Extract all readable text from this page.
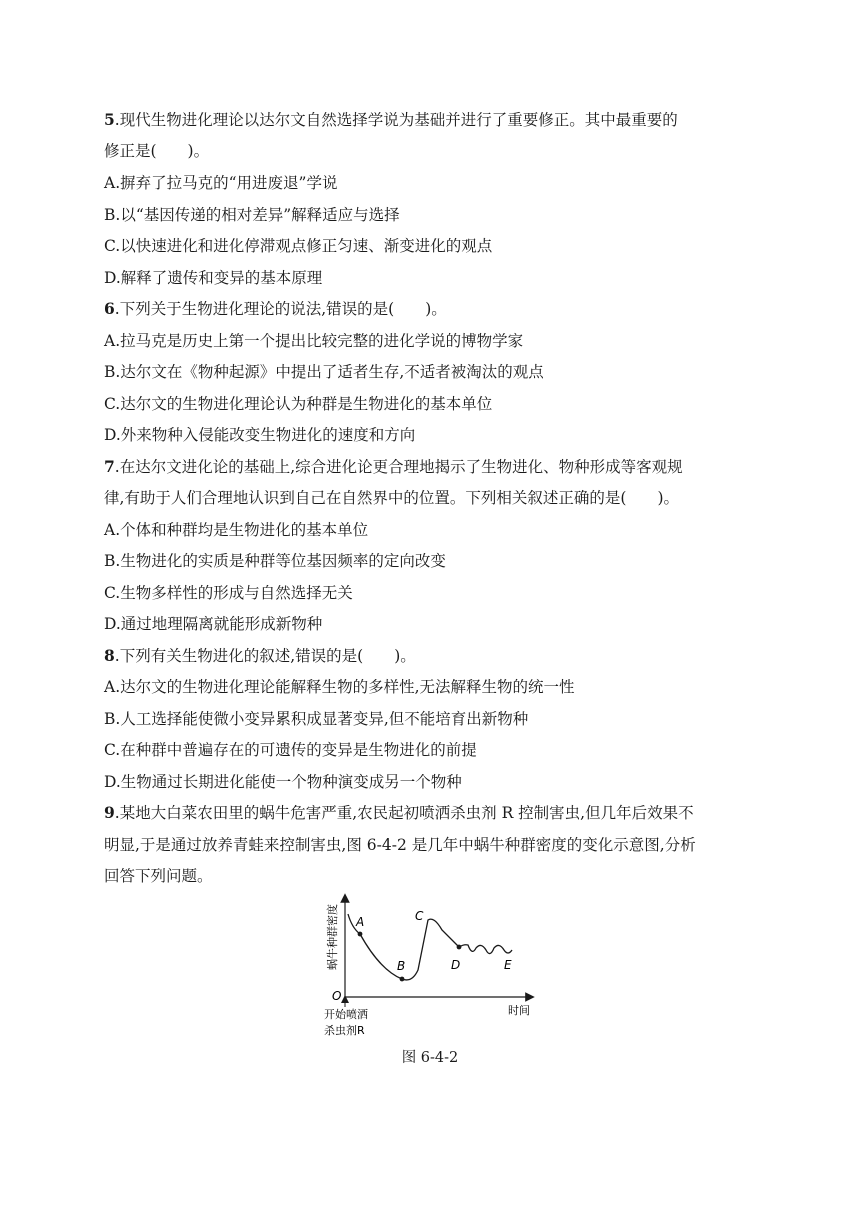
5.现代生物进化理论以达尔文自然选择学说为基础并进行了重要修正。其中最重要的
修正是(　　)。
A.摒弃了拉马克的“用进废退”学说
B.以“基因传递的相对差异”解释适应与选择
C.以快速进化和进化停滞观点修正匀速、渐变进化的观点
D.解释了遗传和变异的基本原理
6.下列关于生物进化理论的说法,错误的是(　　)。
A.拉马克是历史上第一个提出比较完整的进化学说的博物学家
B.达尔文在《物种起源》中提出了适者生存,不适者被淘汰的观点
C.达尔文的生物进化理论认为种群是生物进化的基本单位
D.外来物种入侵能改变生物进化的速度和方向
7.在达尔文进化论的基础上,综合进化论更合理地揭示了生物进化、物种形成等客观规
律,有助于人们合理地认识到自己在自然界中的位置。下列相关叙述正确的是(　　)。
A.个体和种群均是生物进化的基本单位
B.生物进化的实质是种群等位基因频率的定向改变
C.生物多样性的形成与自然选择无关
D.通过地理隔离就能形成新物种
8.下列有关生物进化的叙述,错误的是(　　)。
A.达尔文的生物进化理论能解释生物的多样性,无法解释生物的统一性
B.人工选择能使微小变异累积成显著变异,但不能培育出新物种
C.在种群中普遍存在的可遗传的变异是生物进化的前提
D.生物通过长期进化能使一个物种演变成另一个物种
9.某地大白菜农田里的蜗牛危害严重,农民起初喷洒杀虫剂 R 控制害虫,但几年后效果不
明显,于是通过放养青蛙来控制害虫,图 6-4-2 是几年中蜗牛种群密度的变化示意图,分析
回答下列问题。
A
B
C
D	E
蜗牛种群密度
时间
O
开始喷洒
杀虫剂R
图 6-4-2
